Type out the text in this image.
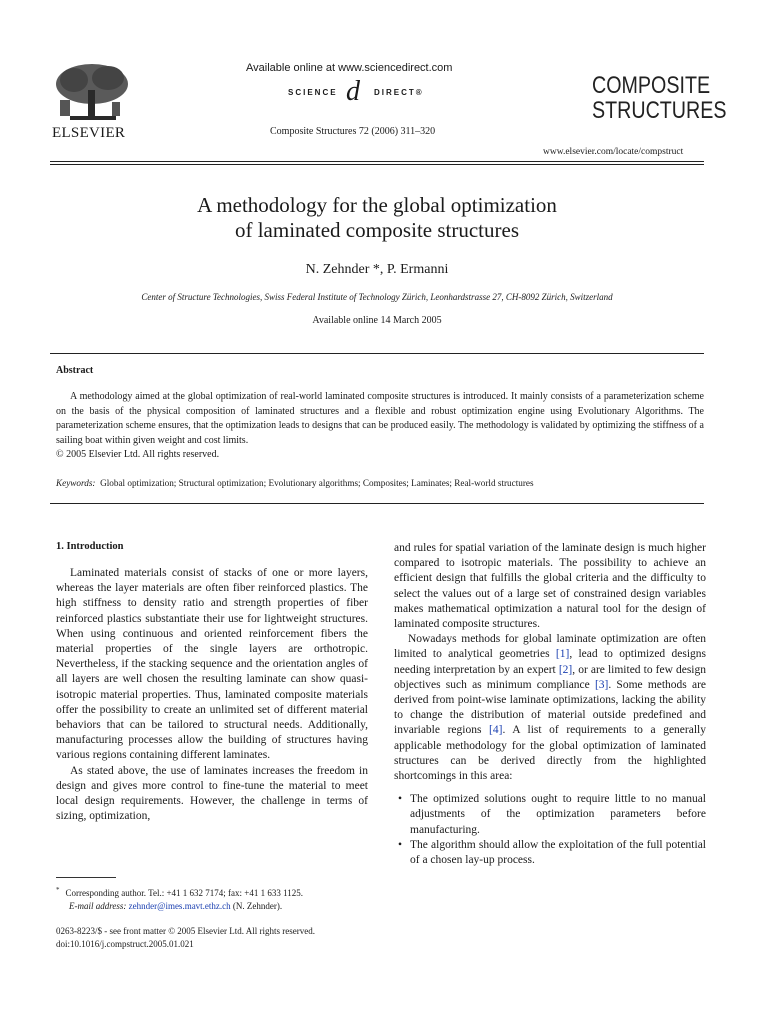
ELSEVIER
Available online at www.sciencedirect.com
SCIENCE d DIRECT®
Composite Structures 72 (2006) 311–320
COMPOSITE
STRUCTURES
www.elsevier.com/locate/compstruct
A methodology for the global optimization
of laminated composite structures
N. Zehnder *, P. Ermanni
Center of Structure Technologies, Swiss Federal Institute of Technology Zürich, Leonhardstrasse 27, CH-8092 Zürich, Switzerland
Available online 14 March 2005
Abstract

A methodology aimed at the global optimization of real-world laminated composite structures is introduced. It mainly consists of a parameterization scheme on the basis of the physical composition of laminated structures and a flexible and robust optimization engine using Evolutionary Algorithms. The parameterization scheme ensures, that the optimization leads to designs that can be produced easily. The methodology is validated by optimizing the stiffness of a sailing boat within given weight and cost limits.

© 2005 Elsevier Ltd. All rights reserved.
Keywords: Global optimization; Structural optimization; Evolutionary algorithms; Composites; Laminates; Real-world structures
1. Introduction

Laminated materials consist of stacks of one or more layers, whereas the layer materials are often fiber reinforced plastics. The high stiffness to density ratio and strength properties of fiber reinforced plastics substantiate their use for lightweight structures. When using continuous and oriented reinforcement fibers the material properties of the single layers are orthotropic. Nevertheless, if the stacking sequence and the orientation angles of all layers are well chosen the resulting laminate can show quasi-isotropic material properties. Thus, laminated composite materials offer the possibility to create an unlimited set of different material behaviors that can be tailored to structural needs. Additionally, manufacturing processes allow the building of structures having various regions containing different laminates.

As stated above, the use of laminates increases the freedom in design and gives more control to fine-tune the material to meet local design requirements. However, the challenge in terms of sizing, optimization,

and rules for spatial variation of the laminate design is much higher compared to isotropic materials. The possibility to achieve an efficient design that fulfills the global criteria and the difficulty to select the values out of a large set of constrained design variables makes mathematical optimization a natural tool for the design of laminated composite structures.

Nowadays methods for global laminate optimization are often limited to analytical geometries [1], lead to optimized designs needing interpretation by an expert [2], or are limited to few design objectives such as minimum compliance [3]. Some methods are derived from point-wise laminate optimizations, lacking the ability to change the distribution of material outside predefined and invariable regions [4]. A list of requirements to a generally applicable methodology for the global optimization of laminated structures can be derived directly from the highlighted shortcomings in this area:

• The optimized solutions ought to require little to no manual adjustments of the optimization parameters before manufacturing.
• The algorithm should allow the exploitation of the full potential of a chosen lay-up process.
* Corresponding author. Tel.: +41 1 632 7174; fax: +41 1 633 1125.
E-mail address: zehnder@imes.mavt.ethz.ch (N. Zehnder).
0263-8223/$ - see front matter © 2005 Elsevier Ltd. All rights reserved.
doi:10.1016/j.compstruct.2005.01.021
